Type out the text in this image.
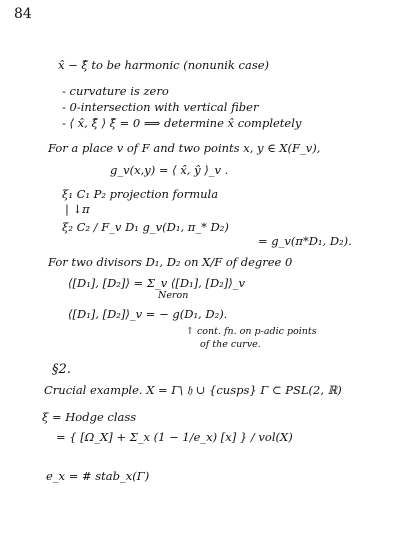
84
x̂ − ξ̂ to be harmonic (nonunik case)
- curvature is zero
- 0-intersection with vertical fiber
- ⟨ x̂, ξ̂ ⟩ ξ̂ = 0 ⟹ determine x̂ completely
For a place v of F and two points x, y ∈ X(F_v),
g_v(x,y) = ⟨ x̂, ŷ ⟩_v .
ξ₁ C₁ P₂ projection formula
| ↓π
ξ₂ C₂ / F_v D₁ g_v(D₁, π_* D₂)
= g_v(π*D₁, D₂).
For two divisors D₁, D₂ on X/F of degree 0
⟨[D₁], [D₂]⟩ = Σ_v ⟨[D₁], [D₂]⟩_v
Neron
⟨[D₁], [D₂]⟩_v = − g(D₁, D₂).
↑ cont. fn. on p-adic points
of the curve.
§2.
Crucial example. X = Γ\ 𝔥 ∪ {cusps} Γ ⊂ PSL(2, ℝ)
ξ = Hodge class
= { [Ω_X] + Σ_x (1 − 1/e_x) [x] } / vol(X)
e_x = # stab_x(Γ)
